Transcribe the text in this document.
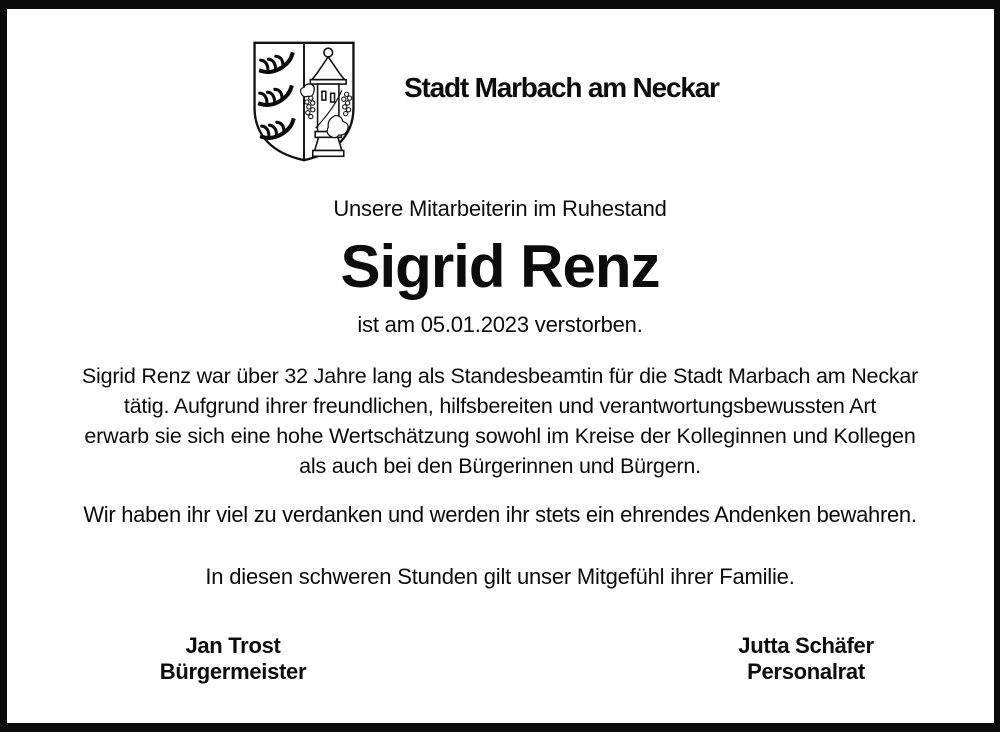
Stadt Marbach am Neckar
Unsere Mitarbeiterin im Ruhestand
Sigrid Renz
ist am 05.01.2023 verstorben.
Sigrid Renz war über 32 Jahre lang als Standesbeamtin für die Stadt Marbach am Neckar
tätig. Aufgrund ihrer freundlichen, hilfsbereiten und verantwortungsbewussten Art
erwarb sie sich eine hohe Wertschätzung sowohl im Kreise der Kolleginnen und Kollegen
als auch bei den Bürgerinnen und Bürgern.
Wir haben ihr viel zu verdanken und werden ihr stets ein ehrendes Andenken bewahren.
In diesen schweren Stunden gilt unser Mitgefühl ihrer Familie.
Jan Trost
Bürgermeister
Jutta Schäfer
Personalrat
